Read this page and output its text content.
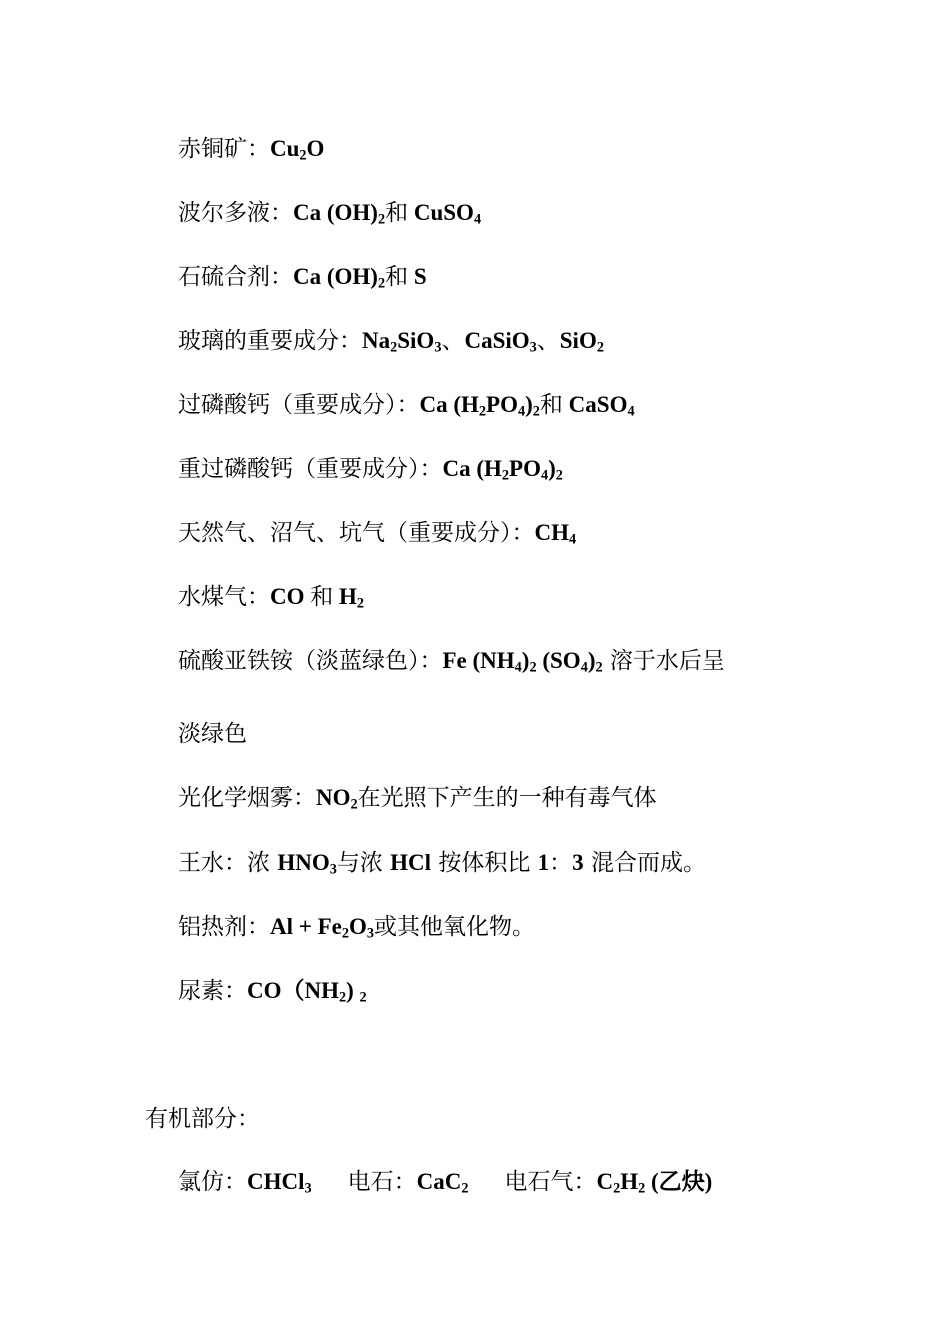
赤铜矿：$Cu_2O$
波尔多液：Ca $(OH)_2$和 CuSO$_4$
石硫合剂：Ca $(OH)_2$和 S
玻璃的重要成分：$Na_2SiO_3$、CaSiO$_3$、SiO$_2$
过磷酸钙（重要成分）：Ca $(H_2PO_4)_2$和 CaSO$_4$
重过磷酸钙（重要成分）：Ca $(H_2PO_4)_2$
天然气、沼气、坑气（重要成分）：$CH_4$
水煤气：CO 和 $H_2$
硫酸亚铁铵（淡蓝绿色）：Fe $(NH_4)_2$ $(SO_4)_2$ 溶于水后呈
淡绿色
光化学烟雾：$NO_2$在光照下产生的一种有毒气体
王水：浓 $HNO_3$与浓 HCl 按体积比 1：3 混合而成。
铝热剂：$Al + Fe_2O_3$或其他氧化物。
尿素：$CO(NH_2)$ $_2$
有机部分：
氯仿：CHCl$_3$ 电石：CaC$_2$ 电石气：$C_2H_2$ (乙炔)
